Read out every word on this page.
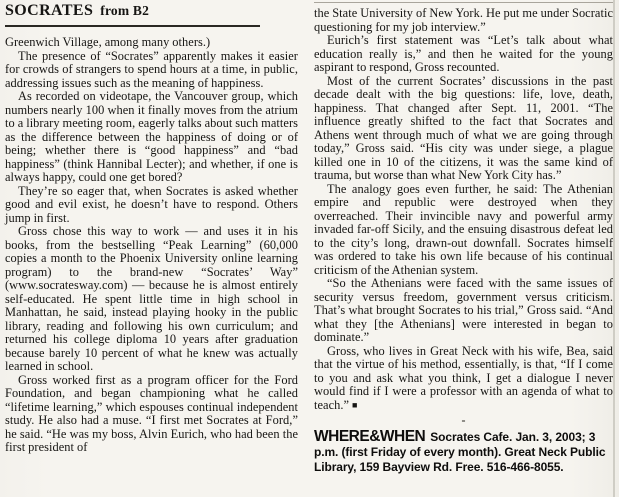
SOCRATES from B2

Greenwich Village, among many others.)

The presence of “Socrates” apparently makes it easier for crowds of strangers to spend hours at a time, in public, addressing issues such as the meaning of happiness.

As recorded on videotape, the Vancouver group, which numbers nearly 100 when it finally moves from the atrium to a library meeting room, eagerly talks about such matters as the difference between the happiness of doing or of being; whether there is “good happiness” and “bad happiness” (think Hannibal Lecter); and whether, if one is always happy, could one get bored?

They’re so eager that, when Socrates is asked whether good and evil exist, he doesn’t have to respond. Others jump in first.

Gross chose this way to work — and uses it in his books, from the bestselling “Peak Learning” (60,000 copies a month to the Phoenix University online learning program) to the brand-new “Socrates’ Way” (www.socratesway.com) — because he is almost entirely self-educated. He spent little time in high school in Manhattan, he said, instead playing hooky in the public library, reading and following his own curriculum; and returned his college diploma 10 years after graduation because barely 10 percent of what he knew was actually learned in school.

Gross worked first as a program officer for the Ford Foundation, and began championing what he called “lifetime learning,” which espouses continual independent study. He also had a muse. “I first met Socrates at Ford,” he said. “He was my boss, Alvin Eurich, who had been the first president of

the State University of New York. He put me under Socratic questioning for my job interview.”

Eurich’s first statement was “Let’s talk about what education really is,” and then he waited for the young aspirant to respond, Gross recounted.

Most of the current Socrates’ discussions in the past decade dealt with the big questions: life, love, death, happiness. That changed after Sept. 11, 2001. “The influence greatly shifted to the fact that Socrates and Athens went through much of what we are going through today,” Gross said. “His city was under siege, a plague killed one in 10 of the citizens, it was the same kind of trauma, but worse than what New York City has.”

The analogy goes even further, he said: The Athenian empire and republic were destroyed when they overreached. Their invincible navy and powerful army invaded far-off Sicily, and the ensuing disastrous defeat led to the city’s long, drawn-out downfall. Socrates himself was ordered to take his own life because of his continual criticism of the Athenian system.

“So the Athenians were faced with the same issues of security versus freedom, government versus criticism. That’s what brought Socrates to his trial,” Gross said. “And what they [the Athenians] were interested in began to dominate.”

Gross, who lives in Great Neck with his wife, Bea, said that the virtue of his method, essentially, is that, “If I come to you and ask what you think, I get a dialogue I never would find if I were a professor with an agenda of what to teach.” ■

-
WHERE&WHEN Socrates Cafe. Jan. 3, 2003; 3 p.m. (first Friday of every month). Great Neck Public Library, 159 Bayview Rd. Free. 516-466-8055.
